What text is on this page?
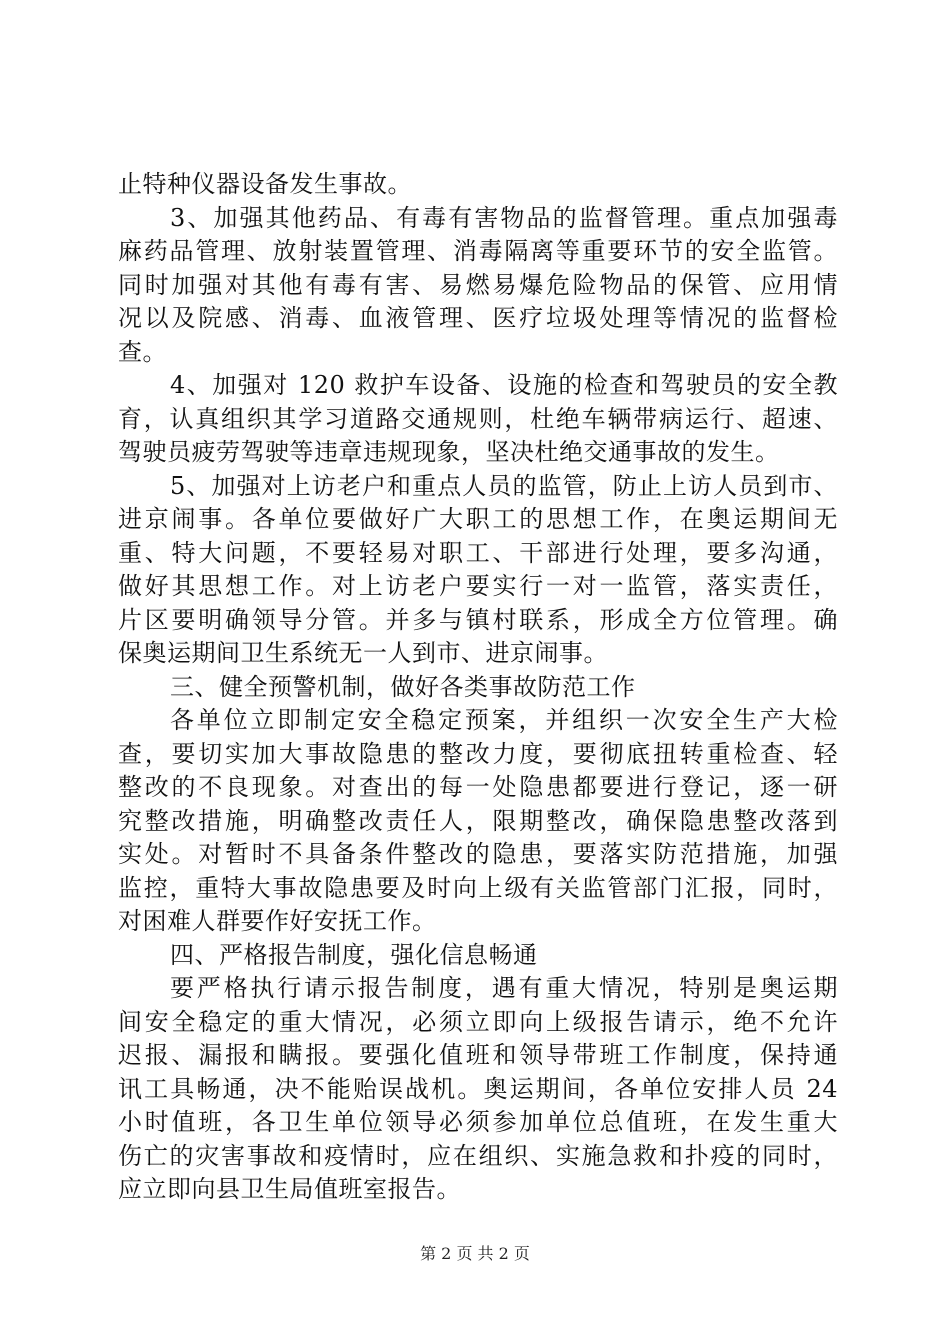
止特种仪器设备发生事故。
3、加强其他药品、有毒有害物品的监督管理。重点加强毒
麻药品管理、放射装置管理、消毒隔离等重要环节的安全监管。
同时加强对其他有毒有害、易燃易爆危险物品的保管、应用情
况以及院感、消毒、血液管理、医疗垃圾处理等情况的监督检
查。
4、加强对 120 救护车设备、设施的检查和驾驶员的安全教
育，认真组织其学习道路交通规则，杜绝车辆带病运行、超速、
驾驶员疲劳驾驶等违章违规现象，坚决杜绝交通事故的发生。
5、加强对上访老户和重点人员的监管，防止上访人员到市、
进京闹事。各单位要做好广大职工的思想工作，在奥运期间无
重、特大问题，不要轻易对职工、干部进行处理，要多沟通，
做好其思想工作。对上访老户要实行一对一监管，落实责任，
片区要明确领导分管。并多与镇村联系，形成全方位管理。确
保奥运期间卫生系统无一人到市、进京闹事。
三、健全预警机制，做好各类事故防范工作
各单位立即制定安全稳定预案，并组织一次安全生产大检
查，要切实加大事故隐患的整改力度，要彻底扭转重检查、轻
整改的不良现象。对查出的每一处隐患都要进行登记，逐一研
究整改措施，明确整改责任人，限期整改，确保隐患整改落到
实处。对暂时不具备条件整改的隐患，要落实防范措施，加强
监控，重特大事故隐患要及时向上级有关监管部门汇报，同时，
对困难人群要作好安抚工作。
四、严格报告制度，强化信息畅通
要严格执行请示报告制度，遇有重大情况，特别是奥运期
间安全稳定的重大情况，必须立即向上级报告请示，绝不允许
迟报、漏报和瞒报。要强化值班和领导带班工作制度，保持通
讯工具畅通，决不能贻误战机。奥运期间，各单位安排人员 24
小时值班，各卫生单位领导必须参加单位总值班，在发生重大
伤亡的灾害事故和疫情时，应在组织、实施急救和扑疫的同时，
应立即向县卫生局值班室报告。
第 2 页 共 2 页
